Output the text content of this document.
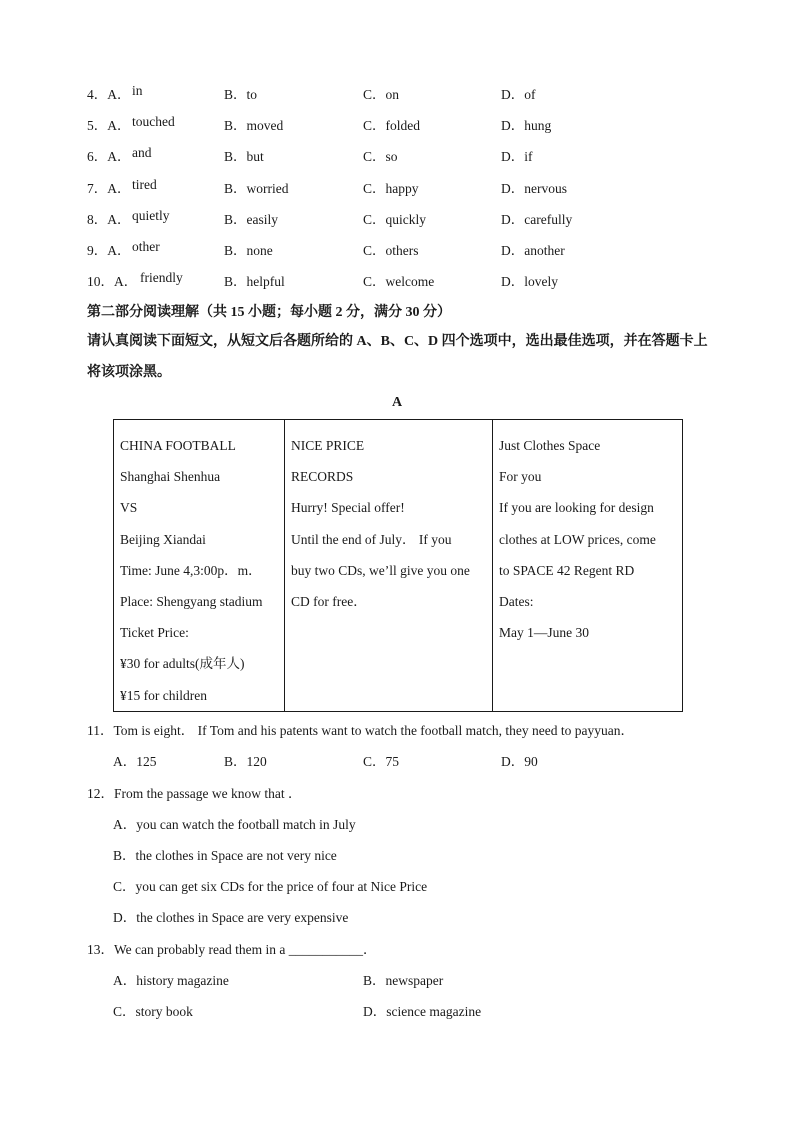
4．A． in	B．to	C．on	D．of
5．A． touched	B．moved	C．folded	D．hung
6．A． and	B．but	C．so	D．if
7．A． tired	B．worried	C．happy	D．nervous
8．A． quietly	B．easily	C．quickly	D．carefully
9．A． other	B．none	C．others	D．another
10．A． friendly	B．helpful	C．welcome	D．lovely
第二部分阅读理解（共 15 小题；每小题 2 分，满分 30 分）
请认真阅读下面短文，从短文后各题所给的 A、B、C、D 四个选项中，选出最佳选项，并在答题卡上将该项涂黑。
A
CHINA FOOTBALL
Shanghai Shenhua
VS
Beijing Xiandai
Time: June 4,3:00p．m．
Place: Shengyang stadium
Ticket Price:
¥30 for adults(成年人)
¥15 for children

NICE PRICE
RECORDS
Hurry! Special offer!
Until the end of July． If you
buy two CDs, we’ll give you one
CD for free．

Just Clothes Space
For you
If you are looking for design
clothes at LOW prices, come
to SPACE 42 Regent RD
Dates:
May 1—June 30
11．Tom is eight． If Tom and his patents want to watch the football match, they need to payyuan．
A．125	B．120	C．75	D．90
12．From the passage we know that ．
A．you can watch the football match in July
B．the clothes in Space are not very nice
C．you can get six CDs for the price of four at Nice Price
D．the clothes in Space are very expensive
13．We can probably read them in a ___________．
A．history magazine	B．newspaper
C．story book	D．science magazine
